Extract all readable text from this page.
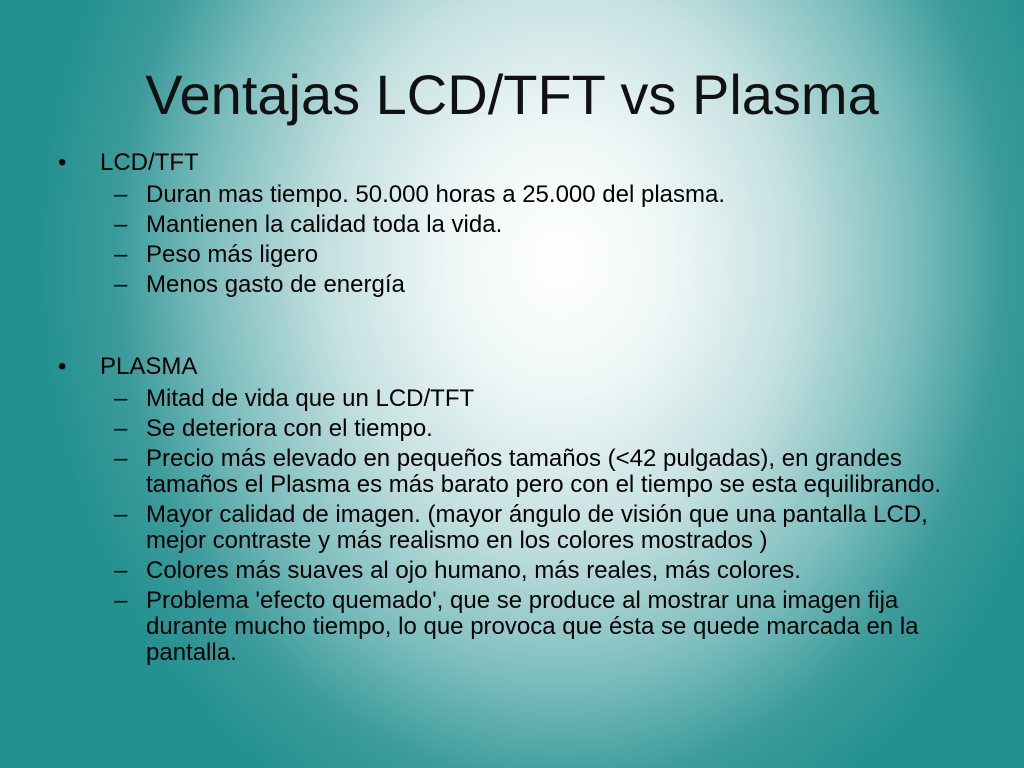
Ventajas LCD/TFT vs Plasma
• LCD/TFT
– Duran mas tiempo. 50.000 horas a 25.000 del plasma.
– Mantienen la calidad toda la vida.
– Peso más ligero
– Menos gasto de energía
• PLASMA
– Mitad de vida que un LCD/TFT
– Se deteriora con el tiempo.
– Precio más elevado en pequeños tamaños (<42 pulgadas), en grandes tamaños el Plasma es más barato pero con el tiempo se esta equilibrando.
– Mayor calidad de imagen. (mayor ángulo de visión que una pantalla LCD, mejor contraste y más realismo en los colores mostrados )
– Colores más suaves al ojo humano, más reales, más colores.
– Problema 'efecto quemado', que se produce al mostrar una imagen fija durante mucho tiempo, lo que provoca que ésta se quede marcada en la pantalla.
